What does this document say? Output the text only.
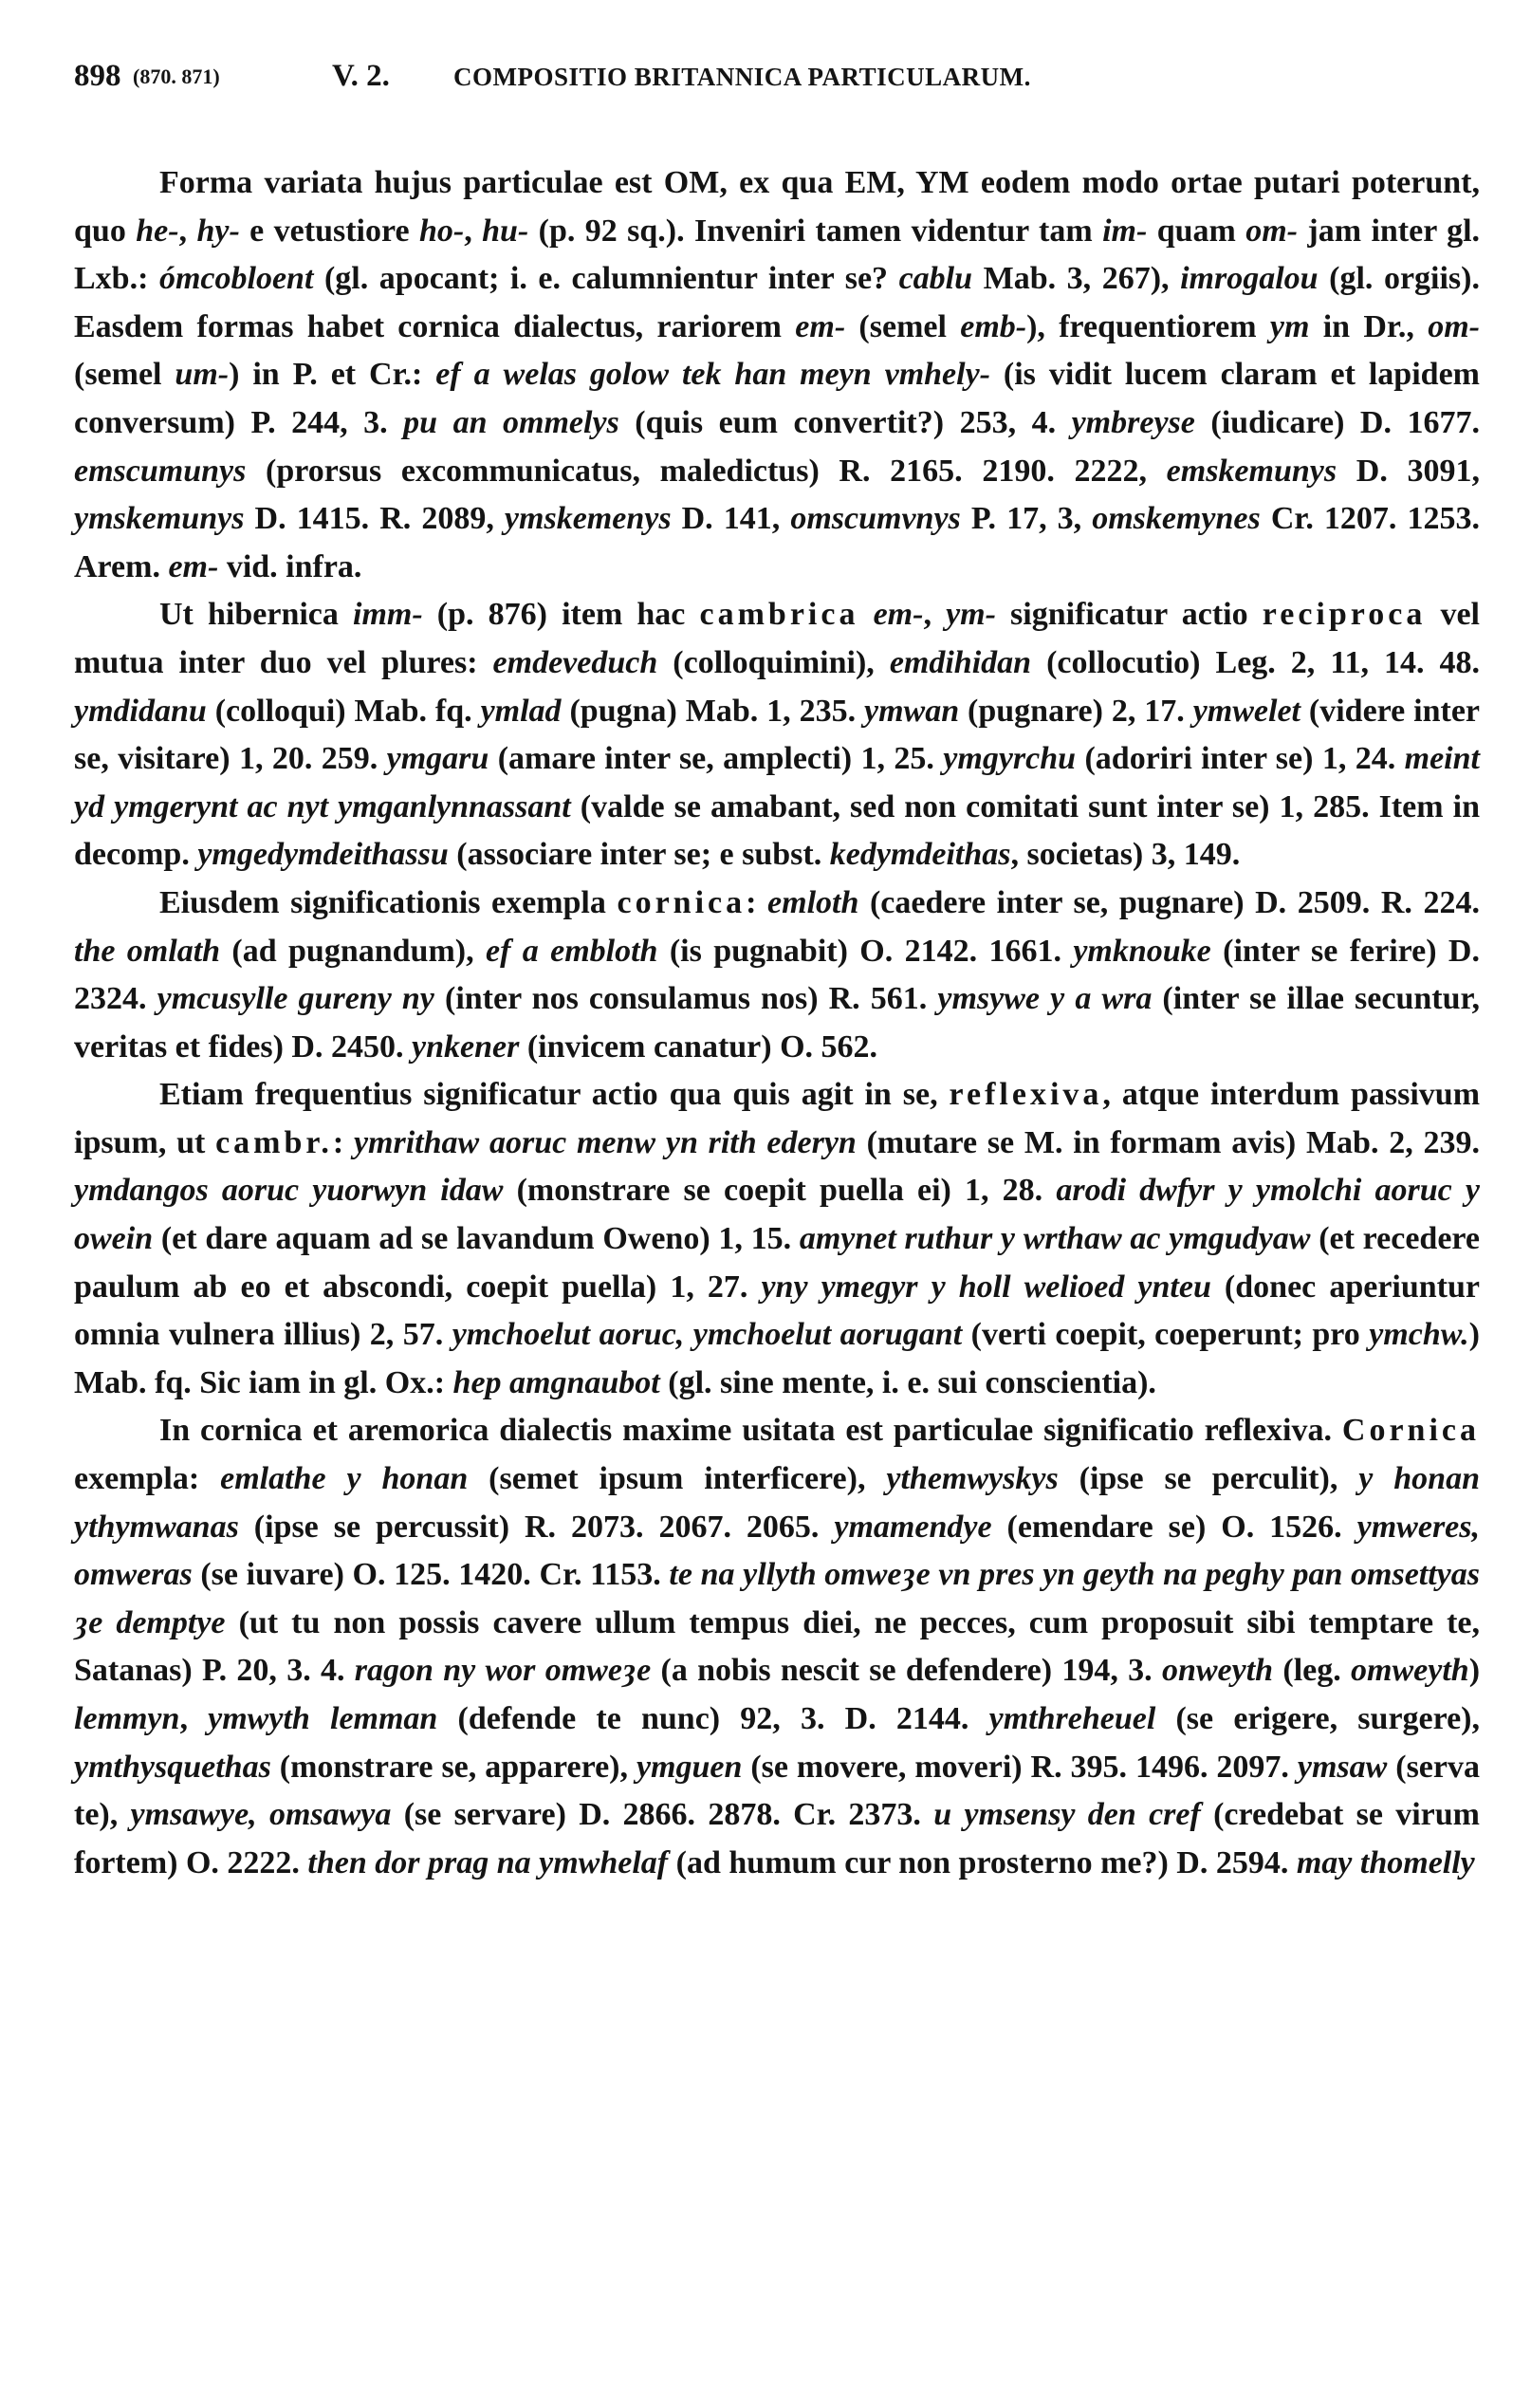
898 (870. 871)	V. 2. COMPOSITIO BRITANNICA PARTICULARUM.

Forma variata hujus particulae est OM, ex qua EM, YM eodem modo ortae putari poterunt, quo he-, hy- e vetustiore ho-, hu- (p. 92 sq.). Inveniri tamen videntur tam im- quam om- jam inter gl. Lxb.: ómcobloent (gl. apocant; i. e. calumnientur inter se? cablu Mab. 3, 267), imrogalou (gl. orgiis). Easdem formas habet cornica dialectus, rariorem em- (semel emb-), frequentiorem ym in Dr., om- (semel um-) in P. et Cr.: ef a welas golow tek han meyn vmhely- (is vidit lucem claram et lapidem conversum) P. 244, 3. pu an ommelys (quis eum convertit?) 253, 4. ymbreyse (iudicare) D. 1677. emscumunys (prorsus excommunicatus, maledictus) R. 2165. 2190. 2222, emskemunys D. 3091, ymskemunys D. 1415. R. 2089, ymskemenys D. 141, omscumvnys P. 17, 3, omskemynes Cr. 1207. 1253. Arem. em- vid. infra.

Ut hibernica imm- (p. 876) item hac cambrica em-, ym- significatur actio reciproca vel mutua inter duo vel plures: emdeveduch (colloquimini), emdihidan (collocutio) Leg. 2, 11, 14. 48. ymdidanu (colloqui) Mab. fq. ymlad (pugna) Mab. 1, 235. ymwan (pugnare) 2, 17. ymwelet (videre inter se, visitare) 1, 20. 259. ymgaru (amare inter se, amplecti) 1, 25. ymgyrchu (adoriri inter se) 1, 24. meint yd ymgerynt ac nyt ymganlynnassant (valde se amabant, sed non comitati sunt inter se) 1, 285. Item in decomp. ymgedymdeithassu (associare inter se; e subst. kedymdeithas, societas) 3, 149.

Eiusdem significationis exempla cornica: emloth (caedere inter se, pugnare) D. 2509. R. 224. the omlath (ad pugnandum), ef a embloth (is pugnabit) O. 2142. 1661. ymknouke (inter se ferire) D. 2324. ymcusylle gureny ny (inter nos consulamus nos) R. 561. ymsywe y a wra (inter se illae secuntur, veritas et fides) D. 2450. ynkener (invicem canatur) O. 562.

Etiam frequentius significatur actio qua quis agit in se, reflexiva, atque interdum passivum ipsum, ut cambr.: ymrithaw aoruc menw yn rith ederyn (mutare se M. in formam avis) Mab. 2, 239. ymdangos aoruc yuorwyn idaw (monstrare se coepit puella ei) 1, 28. arodi dwfyr y ymolchi aoruc y owein (et dare aquam ad se lavandum Oweno) 1, 15. amynet ruthur y wrthaw ac ymgudyaw (et recedere paulum ab eo et abscondi, coepit puella) 1, 27. yny ymegyr y holl welioed ynteu (donec aperiuntur omnia vulnera illius) 2, 57. ymchoelut aoruc, ymchoelut aorugant (verti coepit, coeperunt; pro ymchw.) Mab. fq. Sic iam in gl. Ox.: hep amgnaubot (gl. sine mente, i. e. sui conscientia).

In cornica et aremorica dialectis maxime usitata est particulae significatio reflexiva. Cornica exempla: emlathe y honan (semet ipsum interficere), ythemwyskys (ipse se perculit), y honan ythymwanas (ipse se percussit) R. 2073. 2067. 2065. ymamendye (emendare se) O. 1526. ymweres, omweras (se iuvare) O. 125. 1420. Cr. 1153. te na yllyth omweȝe vn pres yn geyth na peghy pan omsettyas ȝe demptye (ut tu non possis cavere ullum tempus diei, ne pecces, cum proposuit sibi temptare te, Satanas) P. 20, 3. 4. ragon ny wor omweȝe (a nobis nescit se defendere) 194, 3. onweyth (leg. omweyth) lemmyn, ymwyth lemman (defende te nunc) 92, 3. D. 2144. ymthreheuel (se erigere, surgere), ymthysquethas (monstrare se, apparere), ymguen (se movere, moveri) R. 395. 1496. 2097. ymsaw (serva te), ymsawye, omsawya (se servare) D. 2866. 2878. Cr. 2373. u ymsensy den cref (credebat se virum fortem) O. 2222. then dor prag na ymwhelaf (ad humum cur non prosterno me?) D. 2594. may thomelly
